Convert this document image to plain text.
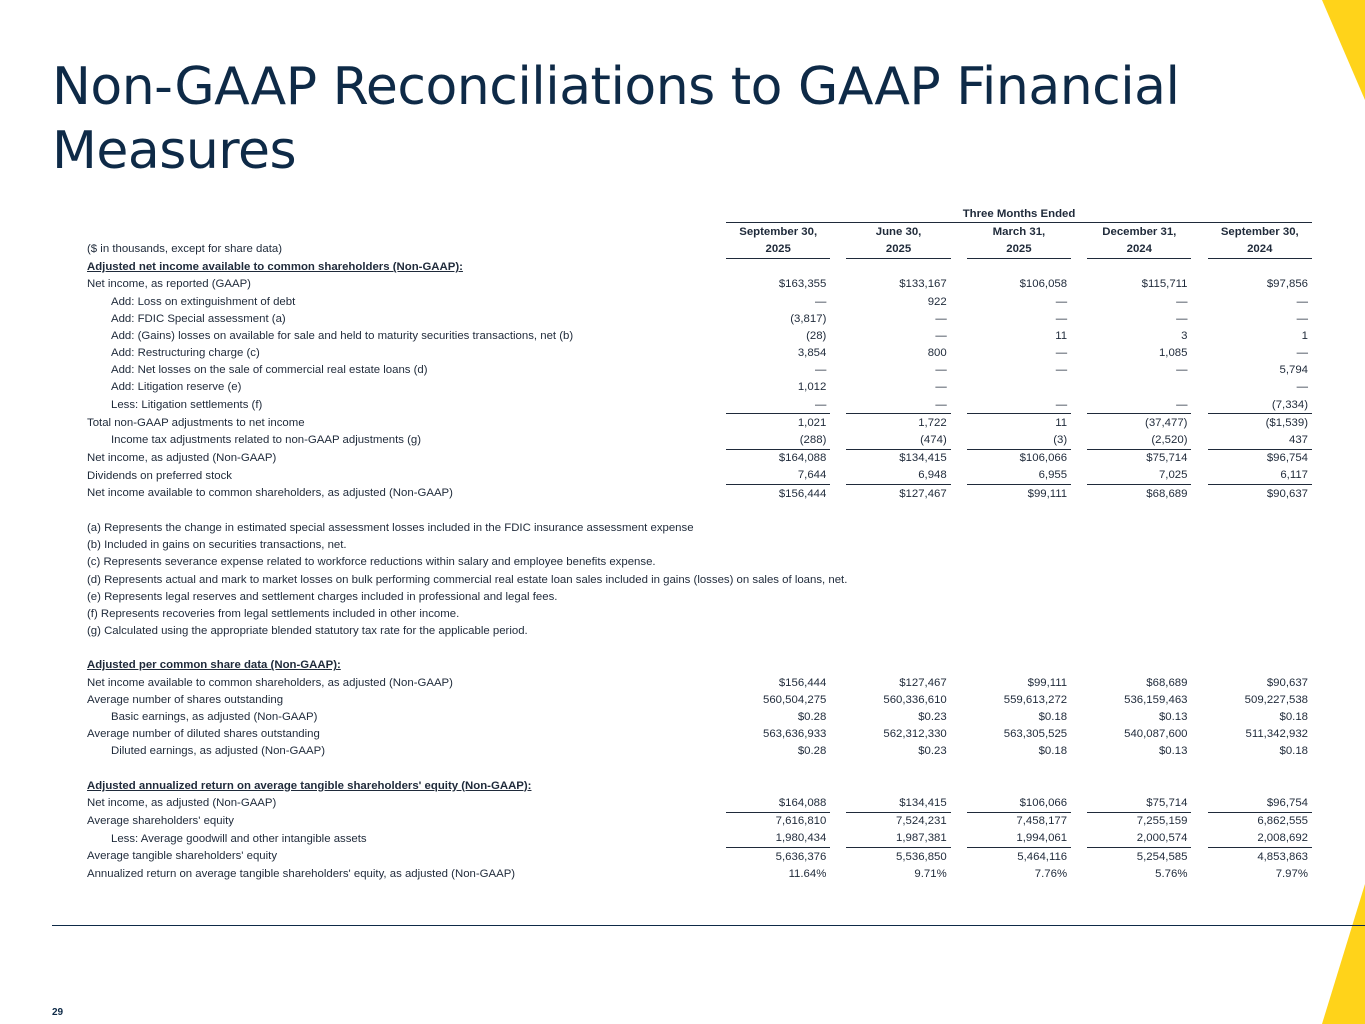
Non-GAAP Reconciliations to GAAP Financial Measures
	Three Months Ended								
	September 30,		June 30,		March 31,		December 31,		September 30,
($ in thousands, except for share data)	2025		2025		2025		2024		2024
Adjusted net income available to common shareholders (Non-GAAP):									
Net income, as reported (GAAP)	$163,355		$133,167		$106,058		$115,711		$97,856
Add: Loss on extinguishment of debt	—		922		—		—		—
Add: FDIC Special assessment (a)	(3,817)		—		—		—		—
Add: (Gains) losses on available for sale and held to maturity securities transactions, net (b)	(28)		—		11		3		1
Add: Restructuring charge (c)	3,854		800		—		1,085		—
Add: Net losses on the sale of commercial real estate loans (d)	—		—		—		—		5,794
Add: Litigation reserve (e)	1,012		—						—
Less: Litigation settlements (f)	—		—		—		—		(7,334)
Total non-GAAP adjustments to net income	1,021		1,722		11		(37,477)		($1,539)
Income tax adjustments related to non-GAAP adjustments (g)	(288)		(474)		(3)		(2,520)		437
Net income, as adjusted (Non-GAAP)	$164,088		$134,415		$106,066		$75,714		$96,754
Dividends on preferred stock	7,644		6,948		6,955		7,025		6,117
Net income available to common shareholders, as adjusted (Non-GAAP)	$156,444		$127,467		$99,111		$68,689		$90,637

(a) Represents the change in estimated special assessment losses included in the FDIC insurance assessment expense									
(b) Included in gains on securities transactions, net.									
(c) Represents severance expense related to workforce reductions within salary and employee benefits expense.									
(d) Represents actual and mark to market losses on bulk performing commercial real estate loan sales included in gains (losses) on sales of loans, net.									
(e) Represents legal reserves and settlement charges included in professional and legal fees.									
(f) Represents recoveries from legal settlements included in other income.									
(g) Calculated using the appropriate blended statutory tax rate for the applicable period.									

Adjusted per common share data (Non-GAAP):									
Net income available to common shareholders, as adjusted (Non-GAAP)	$156,444		$127,467		$99,111		$68,689		$90,637
Average number of shares outstanding	560,504,275		560,336,610		559,613,272		536,159,463		509,227,538
Basic earnings, as adjusted (Non-GAAP)	$0.28		$0.23		$0.18		$0.13		$0.18
Average number of diluted shares outstanding	563,636,933		562,312,330		563,305,525		540,087,600		511,342,932
Diluted earnings, as adjusted (Non-GAAP)	$0.28		$0.23		$0.18		$0.13		$0.18

Adjusted annualized return on average tangible shareholders' equity (Non-GAAP):									
Net income, as adjusted (Non-GAAP)	$164,088		$134,415		$106,066		$75,714		$96,754
Average shareholders' equity	7,616,810		7,524,231		7,458,177		7,255,159		6,862,555
Less: Average goodwill and other intangible assets	1,980,434		1,987,381		1,994,061		2,000,574		2,008,692
Average tangible shareholders' equity	5,636,376		5,536,850		5,464,116		5,254,585		4,853,863
Annualized return on average tangible shareholders' equity, as adjusted (Non-GAAP)	11.64%		9.71%		7.76%		5.76%		7.97%
29
